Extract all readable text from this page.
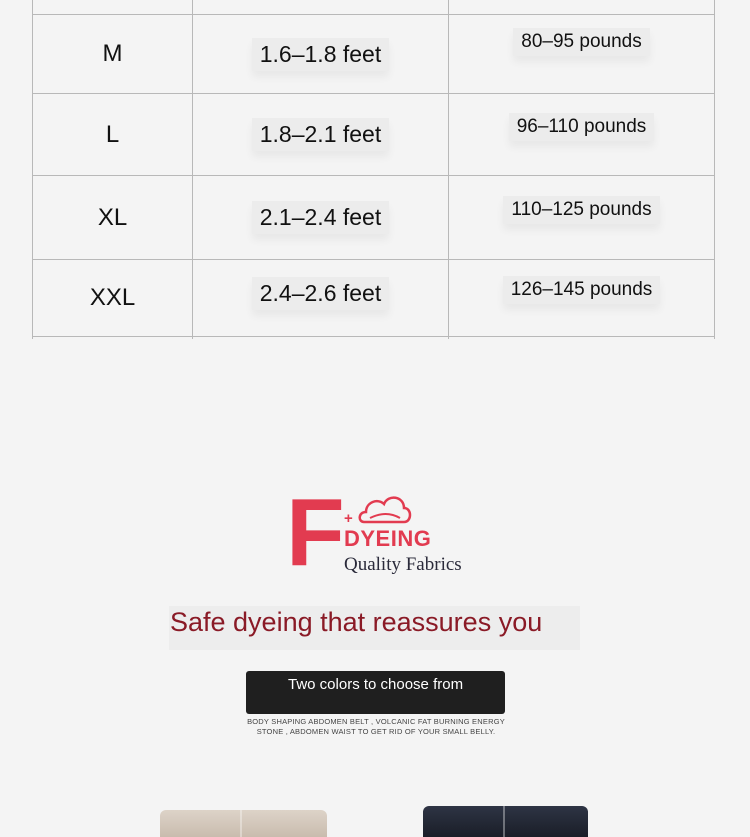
M	1.6–1.8 feet	80–95 pounds
L	1.8–2.1 feet	96–110 pounds
XL	2.1–2.4 feet	110–125 pounds
XXL	2.4–2.6 feet	126–145 pounds

F +
DYEING
Quality Fabrics
Safe dyeing that reassures you
Two colors to choose from
BODY SHAPING ABDOMEN BELT , VOLCANIC FAT BURNING ENERGY STONE , ABDOMEN WAIST TO GET RID OF YOUR SMALL BELLY.
